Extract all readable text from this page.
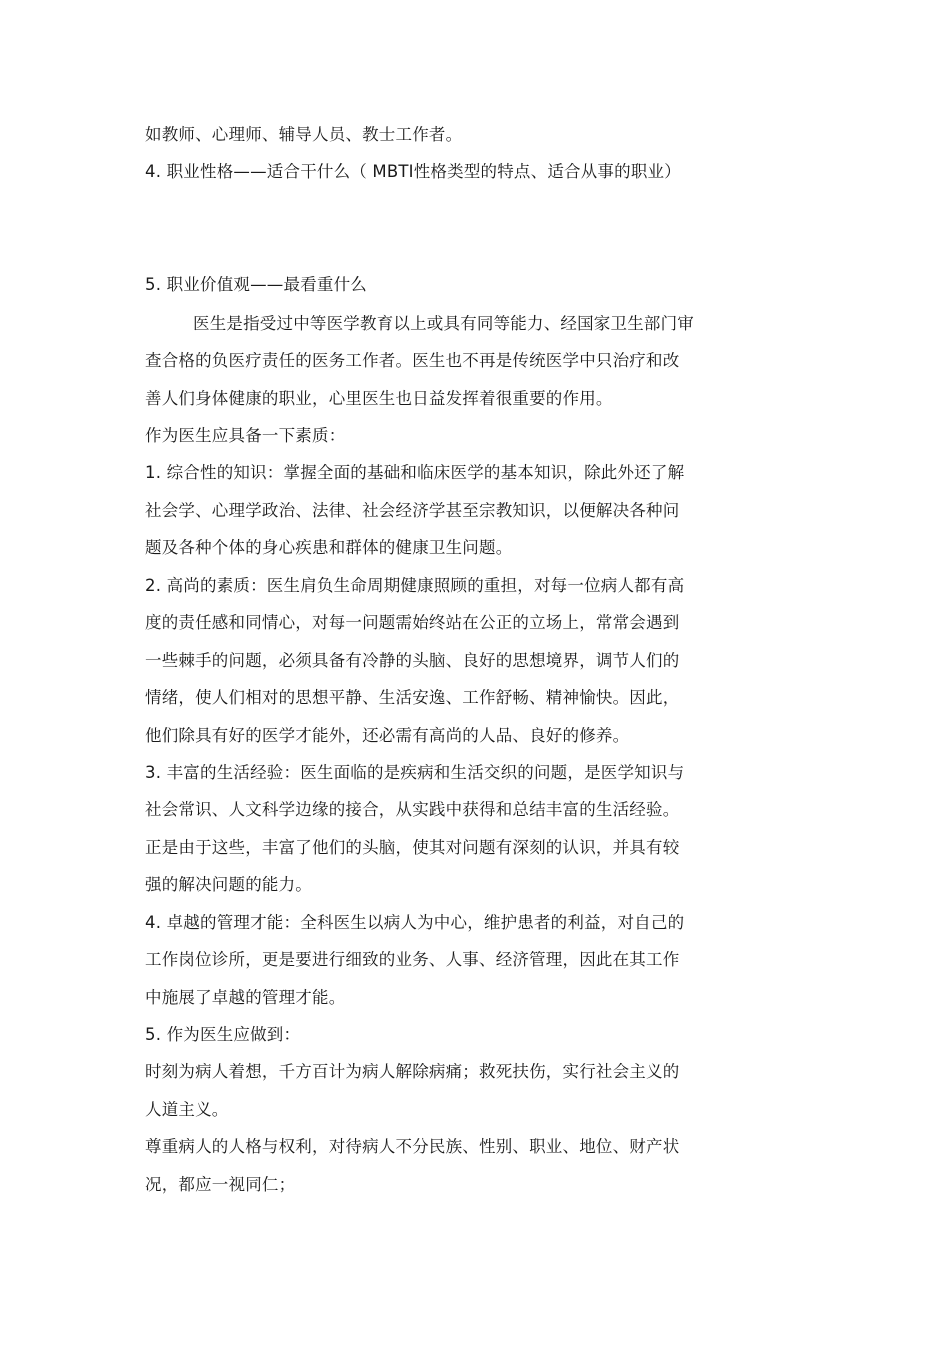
如教师、心理师、辅导人员、教士工作者。
4. 职业性格——适合干什么（ MBTI性格类型的特点、适合从事的职业）
5. 职业价值观——最看重什么
医生是指受过中等医学教育以上或具有同等能力、经国家卫生部门审
查合格的负医疗责任的医务工作者。医生也不再是传统医学中只治疗和改
善人们身体健康的职业，心里医生也日益发挥着很重要的作用。
作为医生应具备一下素质：
1. 综合性的知识：掌握全面的基础和临床医学的基本知识，除此外还了解
社会学、心理学政治、法律、社会经济学甚至宗教知识，以便解决各种问
题及各种个体的身心疾患和群体的健康卫生问题。
2. 高尚的素质：医生肩负生命周期健康照顾的重担，对每一位病人都有高
度的责任感和同情心，对每一问题需始终站在公正的立场上，常常会遇到
一些棘手的问题，必须具备有冷静的头脑、良好的思想境界，调节人们的
情绪，使人们相对的思想平静、生活安逸、工作舒畅、精神愉快。因此，
他们除具有好的医学才能外，还必需有高尚的人品、良好的修养。
3. 丰富的生活经验：医生面临的是疾病和生活交织的问题，是医学知识与
社会常识、人文科学边缘的接合，从实践中获得和总结丰富的生活经验。
正是由于这些，丰富了他们的头脑，使其对问题有深刻的认识，并具有较
强的解决问题的能力。
4. 卓越的管理才能：全科医生以病人为中心，维护患者的利益，对自己的
工作岗位诊所，更是要进行细致的业务、人事、经济管理，因此在其工作
中施展了卓越的管理才能。
5. 作为医生应做到：
时刻为病人着想，千方百计为病人解除病痛；救死扶伤，实行社会主义的
人道主义。
尊重病人的人格与权利，对待病人不分民族、性别、职业、地位、财产状
况，都应一视同仁；
